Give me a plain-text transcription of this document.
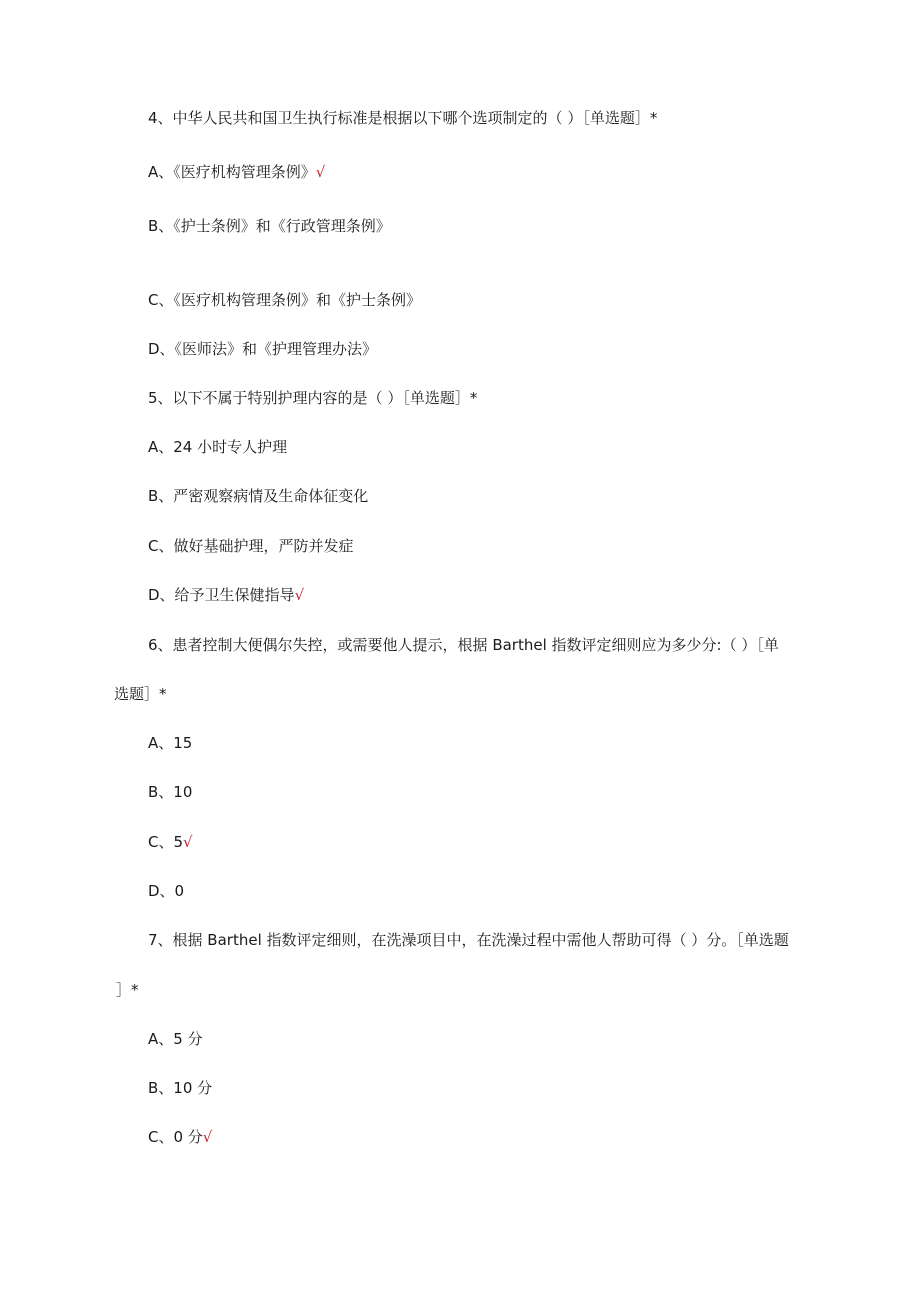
4、中华人民共和国卫生执行标准是根据以下哪个选项制定的（ ）［单选题］*
A、《医疗机构管理条例》√
B、《护士条例》和《行政管理条例》
C、《医疗机构管理条例》和《护士条例》
D、《医师法》和《护理管理办法》
5、以下不属于特别护理内容的是（ ）［单选题］*
A、24 小时专人护理
B、严密观察病情及生命体征变化
C、做好基础护理，严防并发症
D、给予卫生保健指导√
6、患者控制大便偶尔失控，或需要他人提示，根据 Barthel 指数评定细则应为多少分:（ ）［单
选题］*
A、15
B、10
C、5√
D、0
7、根据 Barthel 指数评定细则，在洗澡项目中，在洗澡过程中需他人帮助可得（ ）分。［单选题
］*
A、5 分
B、10 分
C、0 分√
